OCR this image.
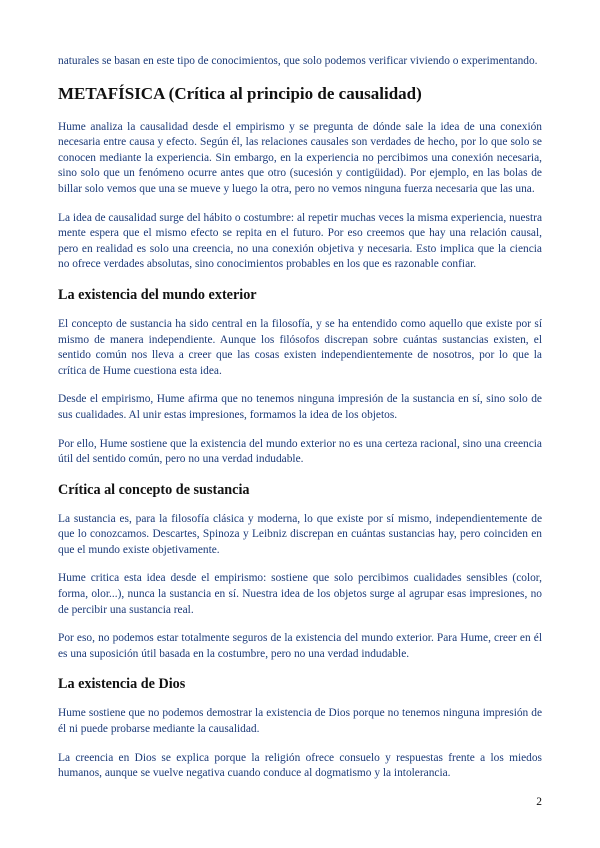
naturales se basan en este tipo de conocimientos, que solo podemos verificar viviendo o experimentando.

METAFÍSICA (Crítica al principio de causalidad)

Hume analiza la causalidad desde el empirismo y se pregunta de dónde sale la idea de una conexión necesaria entre causa y efecto. Según él, las relaciones causales son verdades de hecho, por lo que solo se conocen mediante la experiencia. Sin embargo, en la experiencia no percibimos una conexión necesaria, sino solo que un fenómeno ocurre antes que otro (sucesión y contigüidad). Por ejemplo, en las bolas de billar solo vemos que una se mueve y luego la otra, pero no vemos ninguna fuerza necesaria que las una.

La idea de causalidad surge del hábito o costumbre: al repetir muchas veces la misma experiencia, nuestra mente espera que el mismo efecto se repita en el futuro. Por eso creemos que hay una relación causal, pero en realidad es solo una creencia, no una conexión objetiva y necesaria. Esto implica que la ciencia no ofrece verdades absolutas, sino conocimientos probables en los que es razonable confiar.

La existencia del mundo exterior

El concepto de sustancia ha sido central en la filosofía, y se ha entendido como aquello que existe por sí mismo de manera independiente. Aunque los filósofos discrepan sobre cuántas sustancias existen, el sentido común nos lleva a creer que las cosas existen independientemente de nosotros, por lo que la crítica de Hume cuestiona esta idea.

Desde el empirismo, Hume afirma que no tenemos ninguna impresión de la sustancia en sí, sino solo de sus cualidades. Al unir estas impresiones, formamos la idea de los objetos.

Por ello, Hume sostiene que la existencia del mundo exterior no es una certeza racional, sino una creencia útil del sentido común, pero no una verdad indudable.

Crítica al concepto de sustancia

La sustancia es, para la filosofía clásica y moderna, lo que existe por sí mismo, independientemente de que lo conozcamos. Descartes, Spinoza y Leibniz discrepan en cuántas sustancias hay, pero coinciden en que el mundo existe objetivamente.

Hume critica esta idea desde el empirismo: sostiene que solo percibimos cualidades sensibles (color, forma, olor...), nunca la sustancia en sí. Nuestra idea de los objetos surge al agrupar esas impresiones, no de percibir una sustancia real.

Por eso, no podemos estar totalmente seguros de la existencia del mundo exterior. Para Hume, creer en él es una suposición útil basada en la costumbre, pero no una verdad indudable.

La existencia de Dios

Hume sostiene que no podemos demostrar la existencia de Dios porque no tenemos ninguna impresión de él ni puede probarse mediante la causalidad.

La creencia en Dios se explica porque la religión ofrece consuelo y respuestas frente a los miedos humanos, aunque se vuelve negativa cuando conduce al dogmatismo y la intolerancia.

2
